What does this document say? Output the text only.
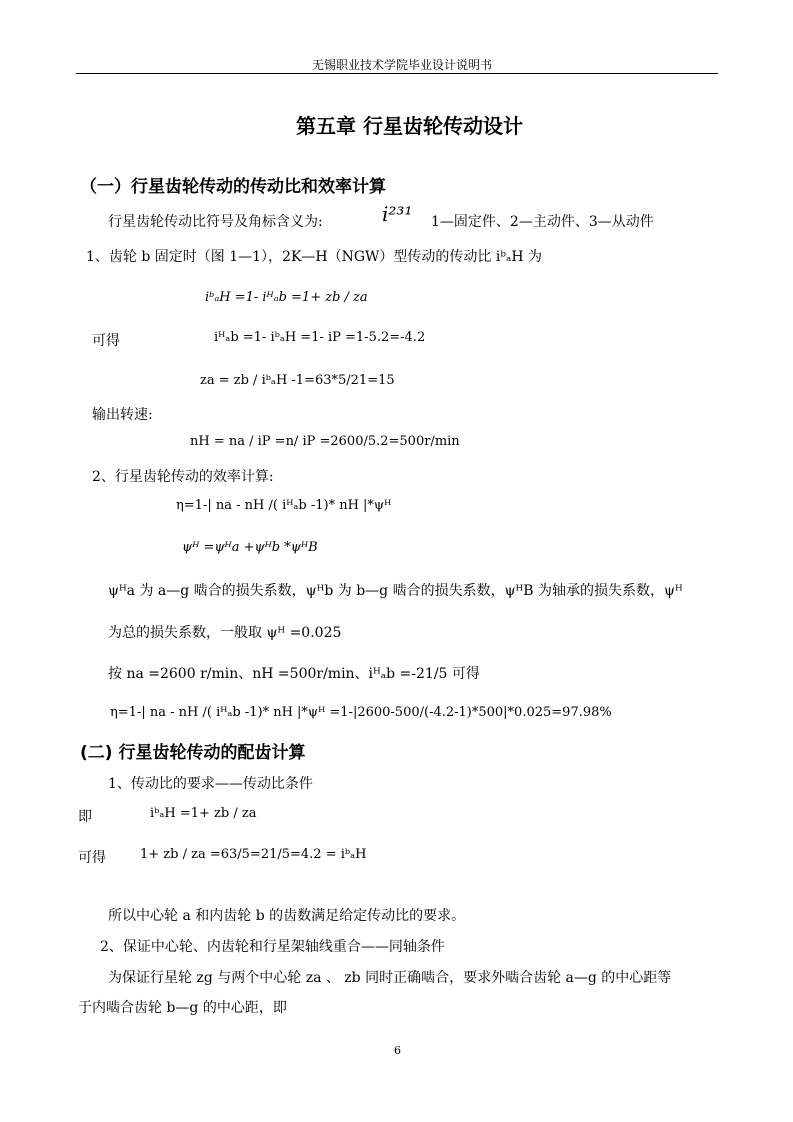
无锡职业技术学院毕业设计说明书
第五章 行星齿轮传动设计
（一）行星齿轮传动的传动比和效率计算
行星齿轮传动比符号及角标含义为:	i²³¹ 1—固定件、2—主动件、3—从动件
1、齿轮 b 固定时（图 1—1），2K—H（NGW）型传动的传动比 iᵇₐH 为
iᵇₐH =1- iᴴₐb =1+ zb / za
可得	iᴴₐb =1- iᵇₐH =1- iP =1-5.2=-4.2
za = zb / iᵇₐH -1=63*5/21=15
输出转速:
nH = na / iP =n/ iP =2600/5.2=500r/min
2、行星齿轮传动的效率计算:
η=1-| na - nH /( iᴴₐb -1)* nH |*ψᴴ
ψᴴ =ψᴴa +ψᴴb *ψᴴB
ψᴴa 为 a—g 啮合的损失系数，ψᴴb 为 b—g 啮合的损失系数，ψᴴB 为轴承的损失系数，ψᴴ
为总的损失系数，一般取 ψᴴ =0.025
按 na =2600 r/min、nH =500r/min、iᴴₐb =-21/5 可得
η=1-| na - nH /( iᴴₐb -1)* nH |*ψᴴ =1-|2600-500/(-4.2-1)*500|*0.025=97.98%
(二) 行星齿轮传动的配齿计算
1、传动比的要求——传动比条件
即	iᵇₐH =1+ zb / za
可得	1+ zb / za =63/5=21/5=4.2 = iᵇₐH
所以中心轮 a 和内齿轮 b 的齿数满足给定传动比的要求。
2、保证中心轮、内齿轮和行星架轴线重合——同轴条件
为保证行星轮 zg 与两个中心轮 za 、 zb 同时正确啮合，要求外啮合齿轮 a—g 的中心距等
于内啮合齿轮 b—g 的中心距，即
6
